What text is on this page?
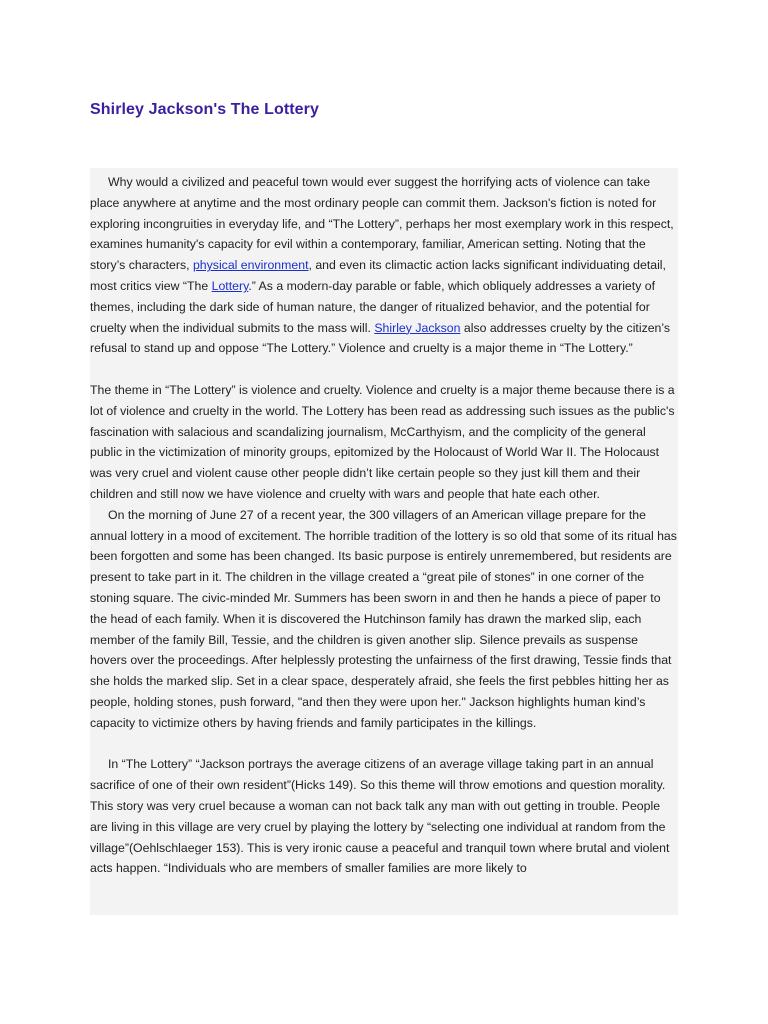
Shirley Jackson's The Lottery

Why would a civilized and peaceful town would ever suggest the horrifying acts of violence can take place anywhere at anytime and the most ordinary people can commit them. Jackson's fiction is noted for exploring incongruities in everyday life, and “The Lottery”, perhaps her most exemplary work in this respect, examines humanity's capacity for evil within a contemporary, familiar, American setting. Noting that the story’s characters, physical environment, and even its climactic action lacks significant individuating detail, most critics view “The Lottery.” As a modern-day parable or fable, which obliquely addresses a variety of themes, including the dark side of human nature, the danger of ritualized behavior, and the potential for cruelty when the individual submits to the mass will. Shirley Jackson also addresses cruelty by the citizen’s refusal to stand up and oppose “The Lottery.” Violence and cruelty is a major theme in “The Lottery.”

The theme in “The Lottery” is violence and cruelty. Violence and cruelty is a major theme because there is a lot of violence and cruelty in the world. The Lottery has been read as addressing such issues as the public's fascination with salacious and scandalizing journalism, McCarthyism, and the complicity of the general public in the victimization of minority groups, epitomized by the Holocaust of World War II. The Holocaust was very cruel and violent cause other people didn’t like certain people so they just kill them and their children and still now we have violence and cruelty with wars and people that hate each other.

On the morning of June 27 of a recent year, the 300 villagers of an American village prepare for the annual lottery in a mood of excitement. The horrible tradition of the lottery is so old that some of its ritual has been forgotten and some has been changed. Its basic purpose is entirely unremembered, but residents are present to take part in it. The children in the village created a “great pile of stones” in one corner of the stoning square. The civic-minded Mr. Summers has been sworn in and then he hands a piece of paper to the head of each family. When it is discovered the Hutchinson family has drawn the marked slip, each member of the family Bill, Tessie, and the children is given another slip. Silence prevails as suspense hovers over the proceedings. After helplessly protesting the unfairness of the first drawing, Tessie finds that she holds the marked slip. Set in a clear space, desperately afraid, she feels the first pebbles hitting her as people, holding stones, push forward, "and then they were upon her." Jackson highlights human kind’s capacity to victimize others by having friends and family participates in the killings.

In “The Lottery” “Jackson portrays the average citizens of an average village taking part in an annual sacrifice of one of their own resident”(Hicks 149). So this theme will throw emotions and question morality. This story was very cruel because a woman can not back talk any man with out getting in trouble. People are living in this village are very cruel by playing the lottery by “selecting one individual at random from the village”(Oehlschlaeger 153). This is very ironic cause a peaceful and tranquil town where brutal and violent acts happen. “Individuals who are members of smaller families are more likely to
